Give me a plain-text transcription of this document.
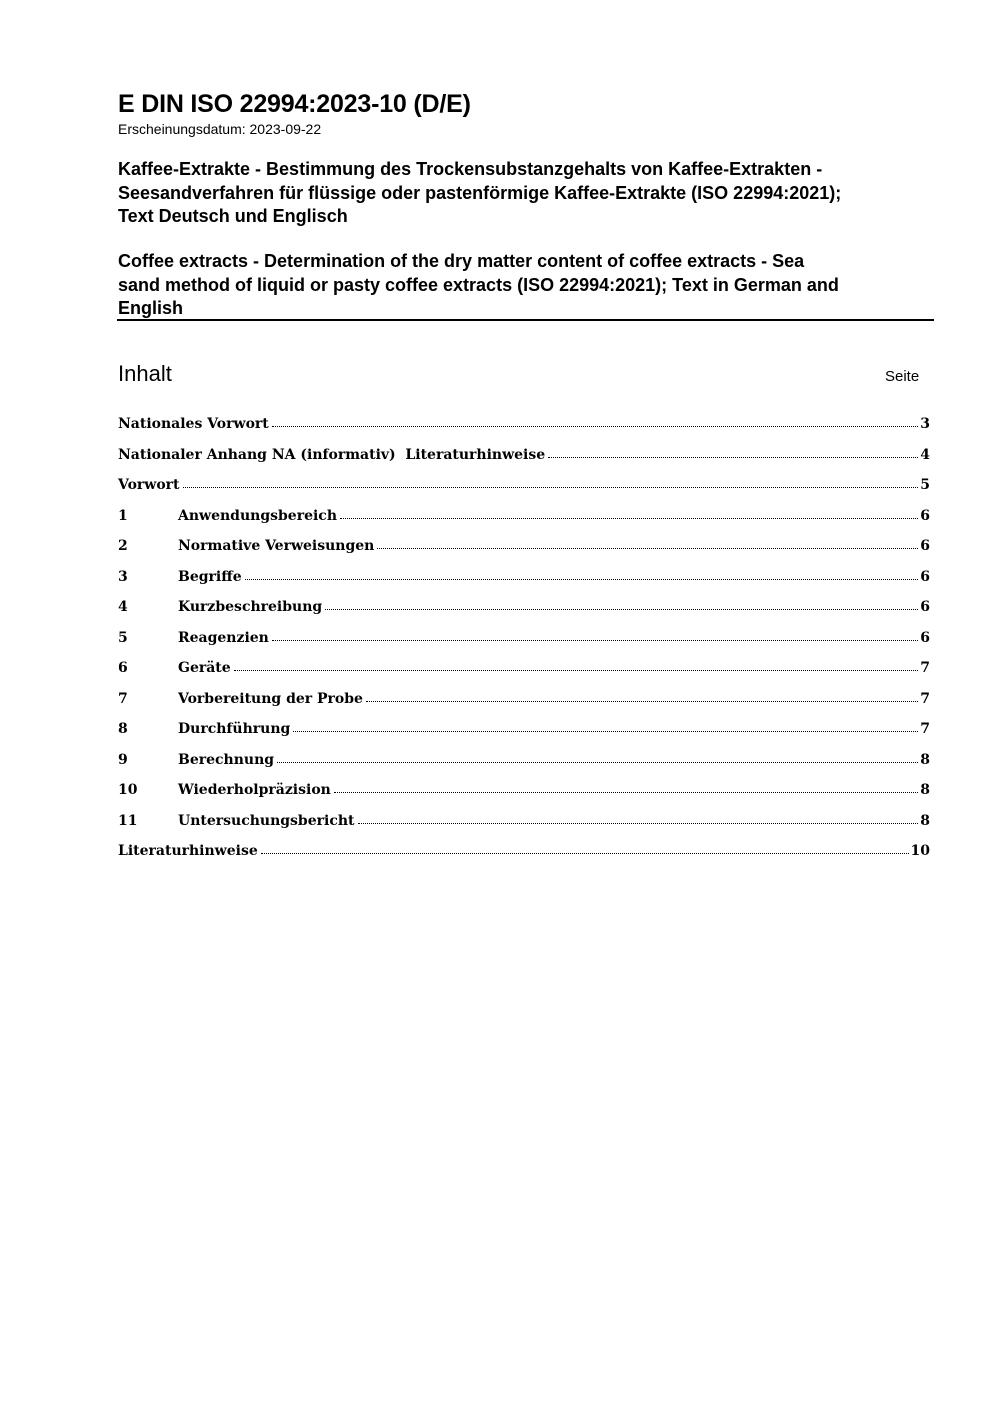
E DIN ISO 22994:2023-10 (D/E)
Erscheinungsdatum: 2023-09-22
Kaffee-Extrakte - Bestimmung des Trockensubstanzgehalts von Kaffee-Extrakten -
Seesandverfahren für flüssige oder pastenförmige Kaffee-Extrakte (ISO 22994:2021);
Text Deutsch und Englisch
Coffee extracts - Determination of the dry matter content of coffee extracts - Sea
sand method of liquid or pasty coffee extracts (ISO 22994:2021); Text in German and
English
Inhalt	Seite
Nationales Vorwort	3
Nationaler Anhang NA (informativ)  Literaturhinweise	4
Vorwort	5
1	Anwendungsbereich	6
2	Normative Verweisungen	6
3	Begriffe	6
4	Kurzbeschreibung	6
5	Reagenzien	6
6	Geräte	7
7	Vorbereitung der Probe	7
8	Durchführung	7
9	Berechnung	8
10	Wiederholpräzision	8
11	Untersuchungsbericht	8
Literaturhinweise	10
